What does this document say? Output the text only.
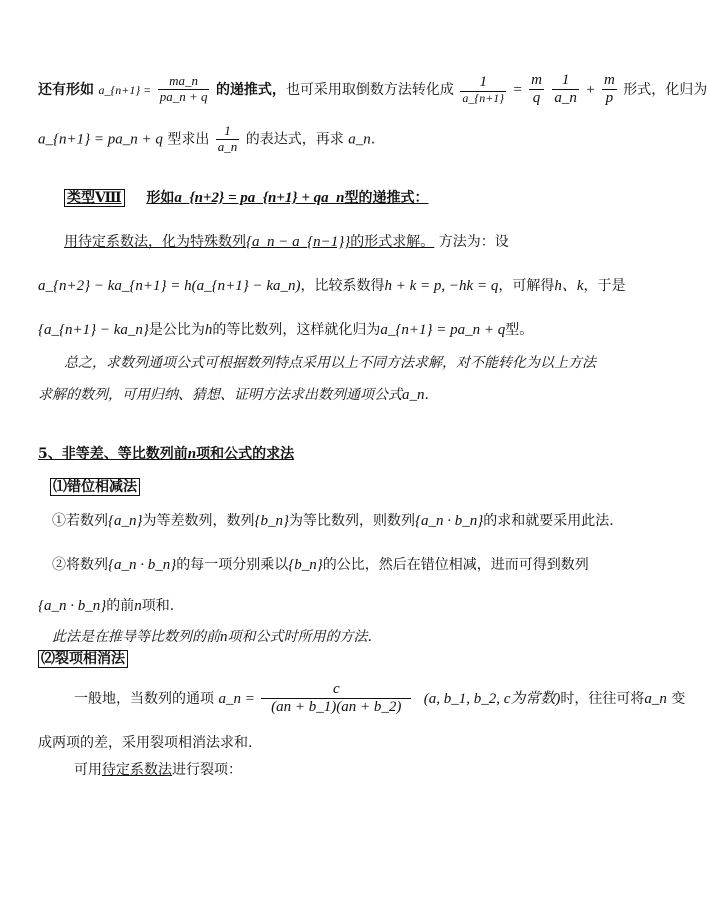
还有形如 a_{n+1} = $\frac{ma\_n}{pa\_n + q}$ 的递推式，也可采用取倒数方法转化成 $\frac{1}{a\_\{n+1\}} = \frac{m}{q}$
$\frac{1}{a\_n} + \frac{m}{p}$ 形式，化归为
a_{n+1} = pa_n + q 型求出 $\frac{1}{a\_n}$ 的表达式，再求 a_n.
类型Ⅷ 形如a_{n+2} = pa_{n+1} + qa_n型的递推式：
用待定系数法，化为特殊数列{a_n − a_{n−1}}的形式求解。 方法为：设
a_{n+2} − ka_{n+1} = h(a_{n+1} − ka_n)，比较系数得h + k = p, −hk = q，可解得h、k，于是
{a_{n+1} − ka_n}是公比为h的等比数列，这样就化归为a_{n+1} = pa_n + q型。
总之，求数列通项公式可根据数列特点采用以上不同方法求解，对不能转化为以上方法
求解的数列，可用归纳、猜想、证明方法求出数列通项公式a_n.
5、非等差、等比数列前n项和公式的求法
⑴错位相减法
①若数列{a_n}为等差数列，数列{b_n}为等比数列，则数列{a_n · b_n}的求和就要采用此法.
②将数列{a_n · b_n}的每一项分别乘以{b_n}的公比，然后在错位相减，进而可得到数列
{a_n · b_n}的前n项和.
此法是在推导等比数列的前n项和公式时所用的方法.
⑵裂项相消法
一般地，当数列的通项 a_n = $\frac{c}{(an + b\_1)(an + b\_2)} (a$, b_1, b_2, c为常数)时，往往可将a_n 变
成两项的差，采用裂项相消法求和.
可用待定系数法进行裂项：
